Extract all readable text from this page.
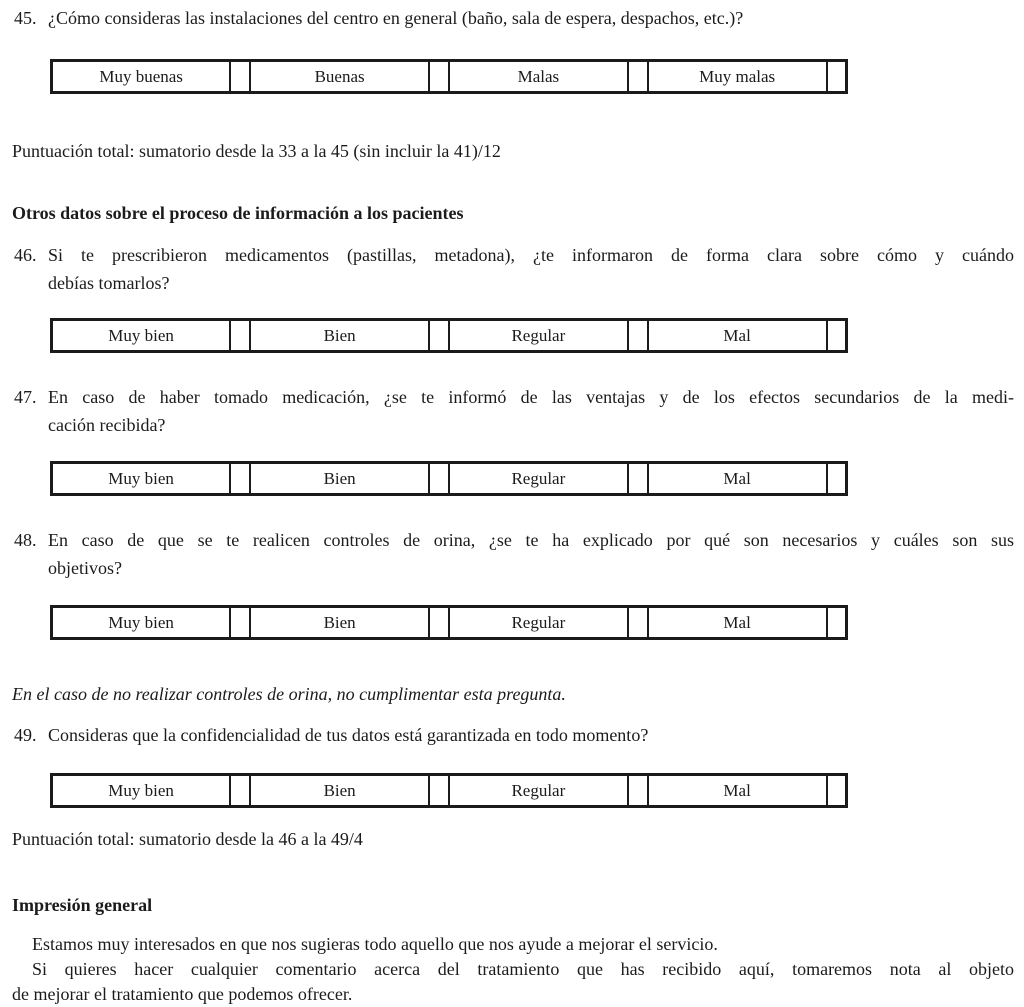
45. ¿Cómo consideras las instalaciones del centro en general (baño, sala de espera, despachos, etc.)?
Muy buenas		Buenas		Malas		Muy malas	
Puntuación total: sumatorio desde la 33 a la 45 (sin incluir la 41)/12
Otros datos sobre el proceso de información a los pacientes
46. Si te prescribieron medicamentos (pastillas, metadona), ¿te informaron de forma clara sobre cómo y cuándo
debías tomarlos?
Muy bien		Bien		Regular		Mal	
47. En caso de haber tomado medicación, ¿se te informó de las ventajas y de los efectos secundarios de la medi-
cación recibida?
Muy bien		Bien		Regular		Mal	
48. En caso de que se te realicen controles de orina, ¿se te ha explicado por qué son necesarios y cuáles son sus
objetivos?
Muy bien		Bien		Regular		Mal	
En el caso de no realizar controles de orina, no cumplimentar esta pregunta.
49. Consideras que la confidencialidad de tus datos está garantizada en todo momento?
Muy bien		Bien		Regular		Mal	
Puntuación total: sumatorio desde la 46 a la 49/4
Impresión general
Estamos muy interesados en que nos sugieras todo aquello que nos ayude a mejorar el servicio.
Si quieres hacer cualquier comentario acerca del tratamiento que has recibido aquí, tomaremos nota al objeto
de mejorar el tratamiento que podemos ofrecer.
